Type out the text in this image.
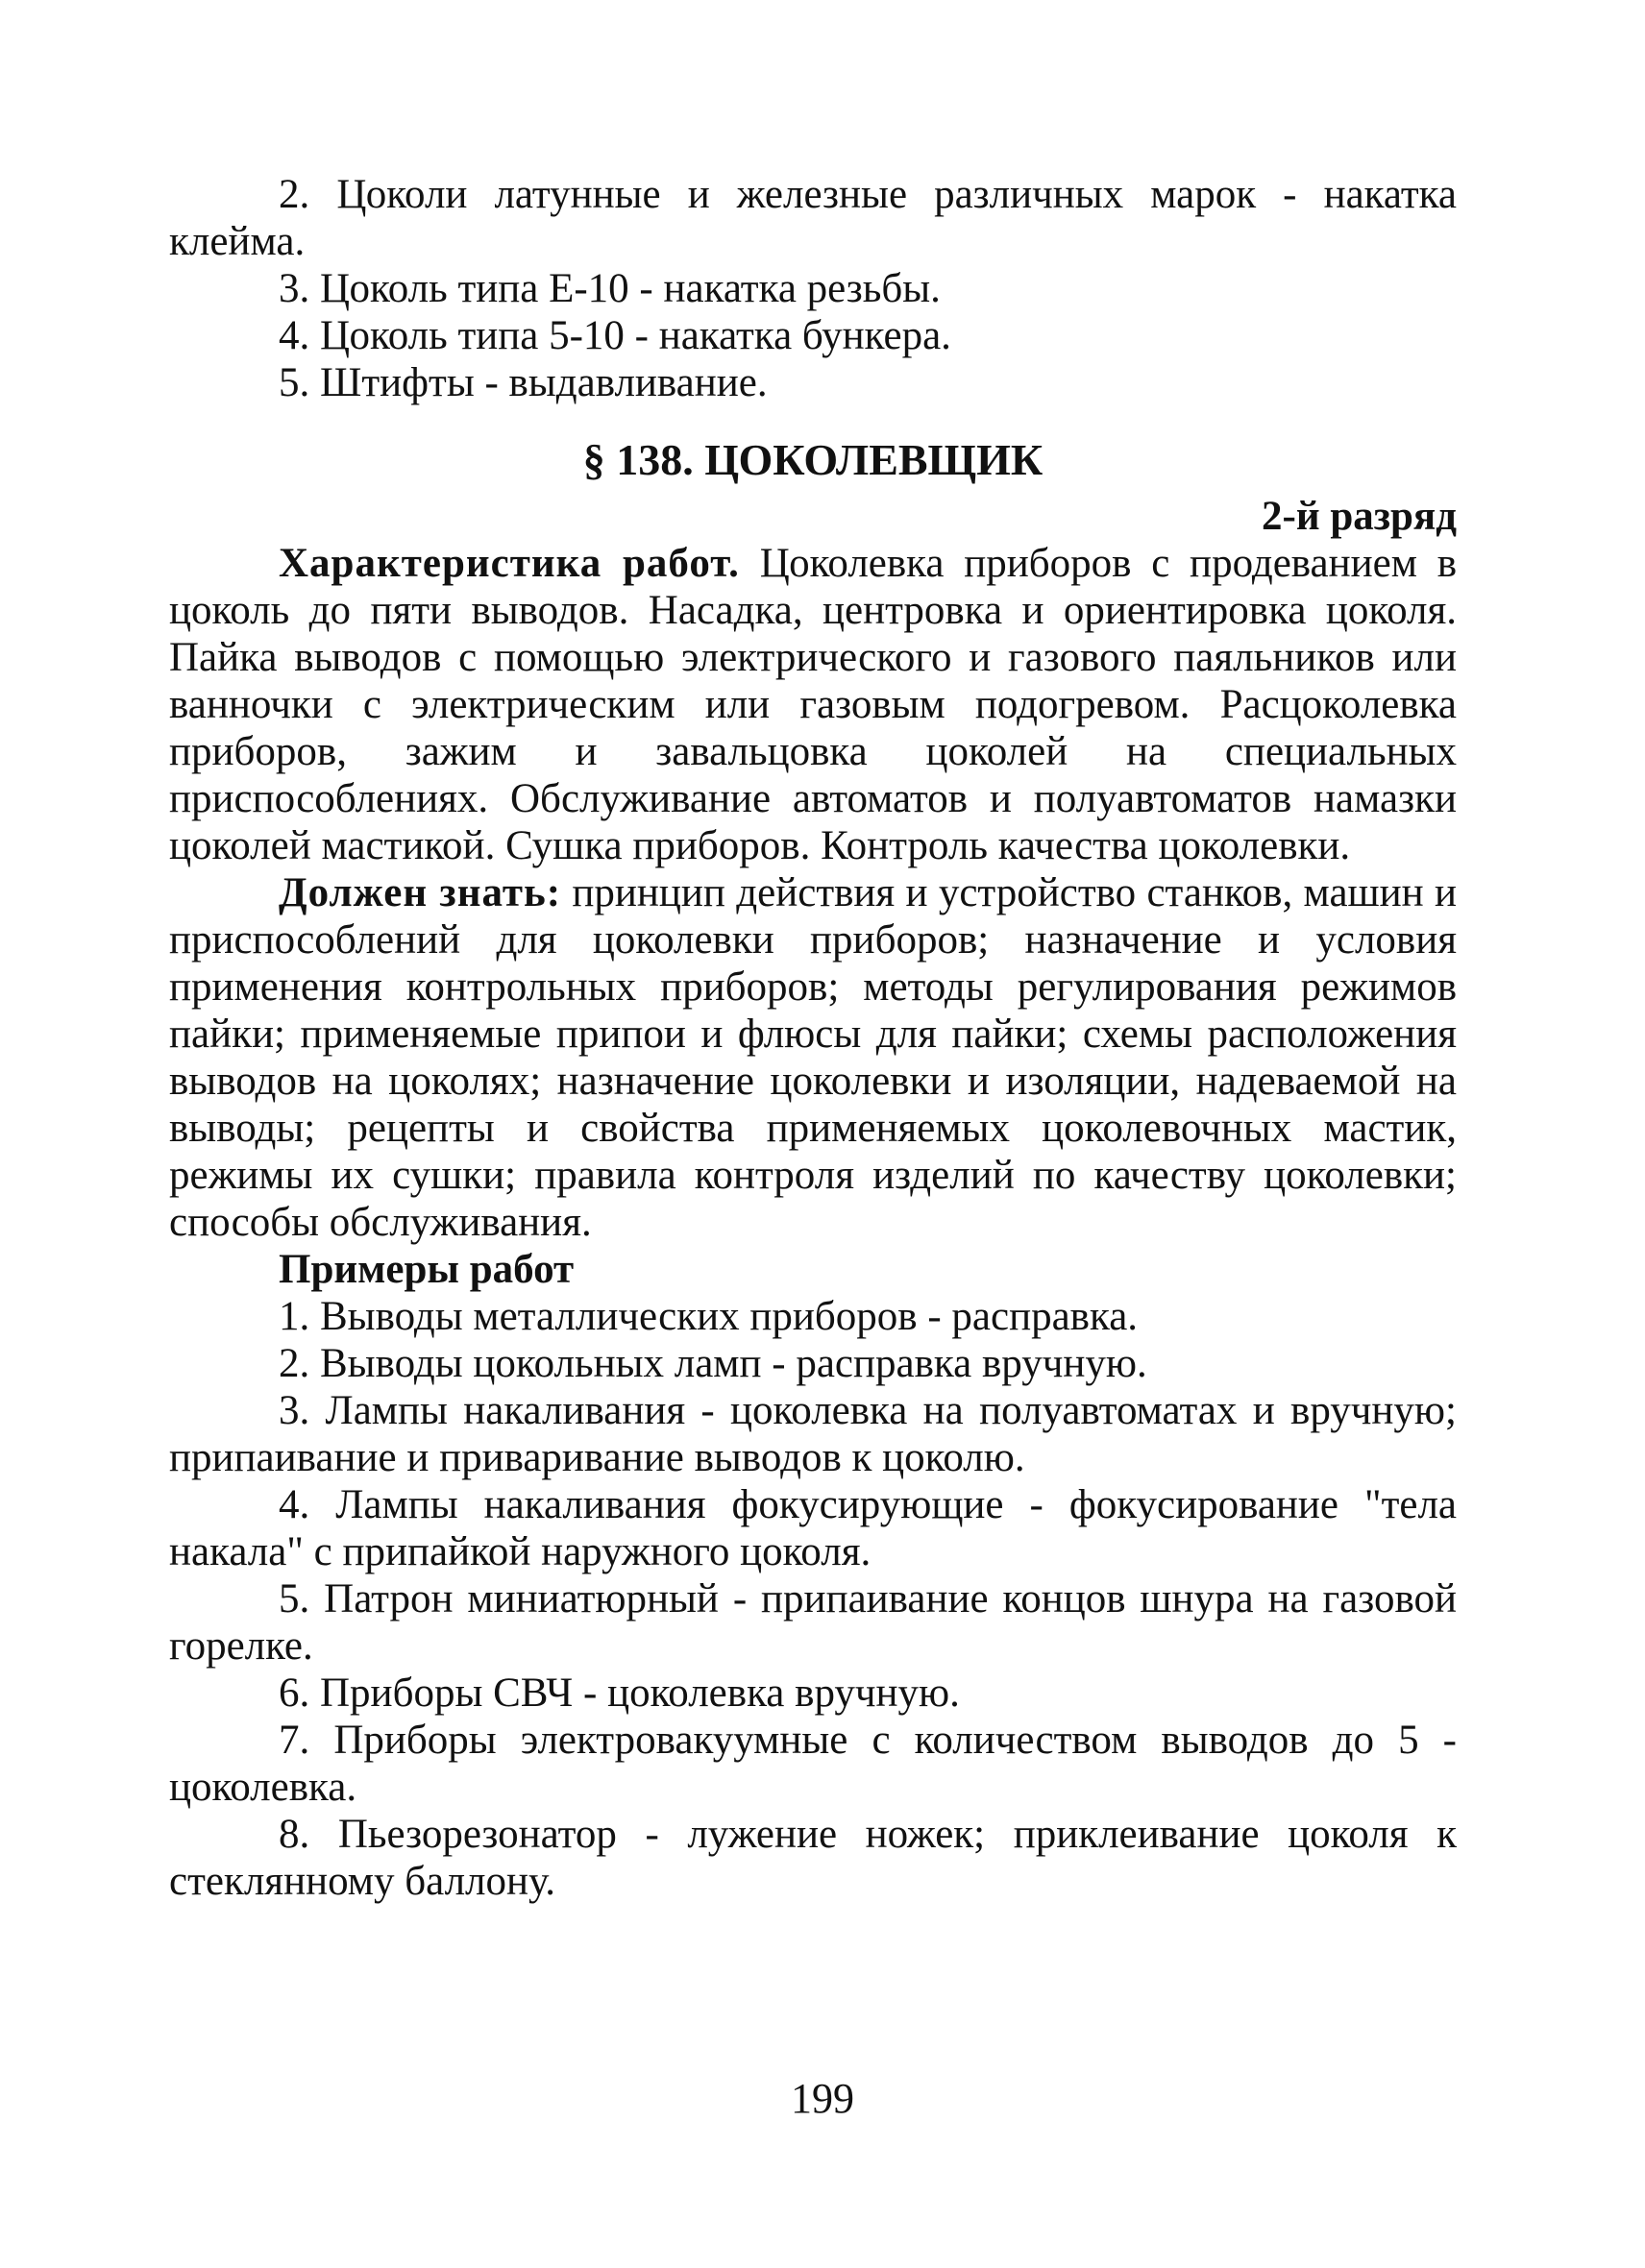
2. Цоколи латунные и железные различных марок - накатка клейма.

3. Цоколь типа Е-10 - накатка резьбы.

4. Цоколь типа 5-10 - накатка бункера.

5. Штифты - выдавливание.

§ 138. ЦОКОЛЕВЩИК
2-й разряд

Характеристика работ. Цоколевка приборов с продеванием в цоколь до пяти выводов. Насадка, центровка и ориентировка цоколя. Пайка выводов с помощью электрического и газового паяльников или ванночки с электрическим или газовым подогревом. Расцоколевка приборов, зажим и завальцовка цоколей на специальных приспособлениях. Обслуживание автоматов и полуавтоматов намазки цоколей мастикой. Сушка приборов. Контроль качества цоколевки.

Должен знать: принцип действия и устройство станков, машин и приспособлений для цоколевки приборов; назначение и условия применения контрольных приборов; методы регулирования режимов пайки; применяемые припои и флюсы для пайки; схемы расположения выводов на цоколях; назначение цоколевки и изоляции, надеваемой на выводы; рецепты и свойства применяемых цоколевочных мастик, режимы их сушки; правила контроля изделий по качеству цоколевки; способы обслуживания.

Примеры работ

1. Выводы металлических приборов - расправка.

2. Выводы цокольных ламп - расправка вручную.

3. Лампы накаливания - цоколевка на полуавтоматах и вручную; припаивание и приваривание выводов к цоколю.

4. Лампы накаливания фокусирующие - фокусирование "тела накала" с припайкой наружного цоколя.

5. Патрон миниатюрный - припаивание концов шнура на газовой горелке.

6. Приборы СВЧ - цоколевка вручную.

7. Приборы электровакуумные с количеством выводов до 5 - цоколевка.

8. Пьезорезонатор - лужение ножек; приклеивание цоколя к стеклянному баллону.

199
